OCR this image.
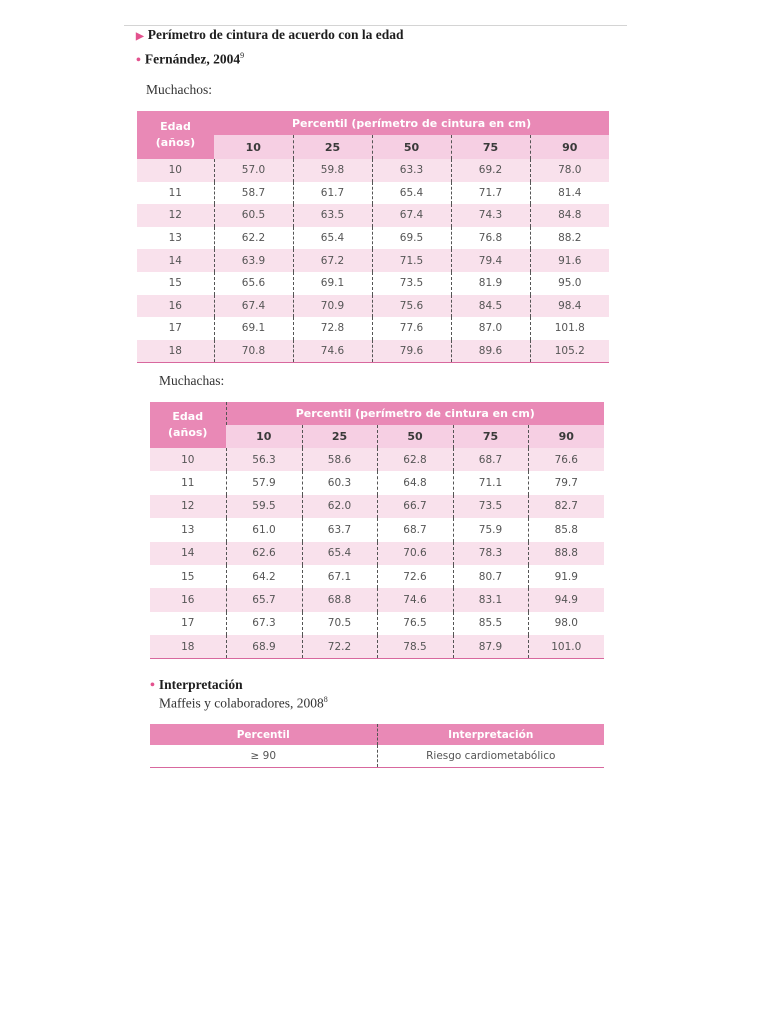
▶ Perímetro de cintura de acuerdo con la edad
• Fernández, 2004$^9$
Muchachos:
Edad
(años)	Percentil (perímetro de cintura en cm)				
	10	25	50	75	90
10	57.0	59.8	63.3	69.2	78.0
11	58.7	61.7	65.4	71.7	81.4
12	60.5	63.5	67.4	74.3	84.8
13	62.2	65.4	69.5	76.8	88.2
14	63.9	67.2	71.5	79.4	91.6
15	65.6	69.1	73.5	81.9	95.0
16	67.4	70.9	75.6	84.5	98.4
17	69.1	72.8	77.6	87.0	101.8
18	70.8	74.6	79.6	89.6	105.2
Muchachas:
Edad
(años)	Percentil (perímetro de cintura en cm)				
	10	25	50	75	90
10	56.3	58.6	62.8	68.7	76.6
11	57.9	60.3	64.8	71.1	79.7
12	59.5	62.0	66.7	73.5	82.7
13	61.0	63.7	68.7	75.9	85.8
14	62.6	65.4	70.6	78.3	88.8
15	64.2	67.1	72.6	80.7	91.9
16	65.7	68.8	74.6	83.1	94.9
17	67.3	70.5	76.5	85.5	98.0
18	68.9	72.2	78.5	87.9	101.0
• Interpretación
Maffeis y colaboradores, 2008$^8$
Percentil	Interpretación
≥ 90	Riesgo cardiometabólico
